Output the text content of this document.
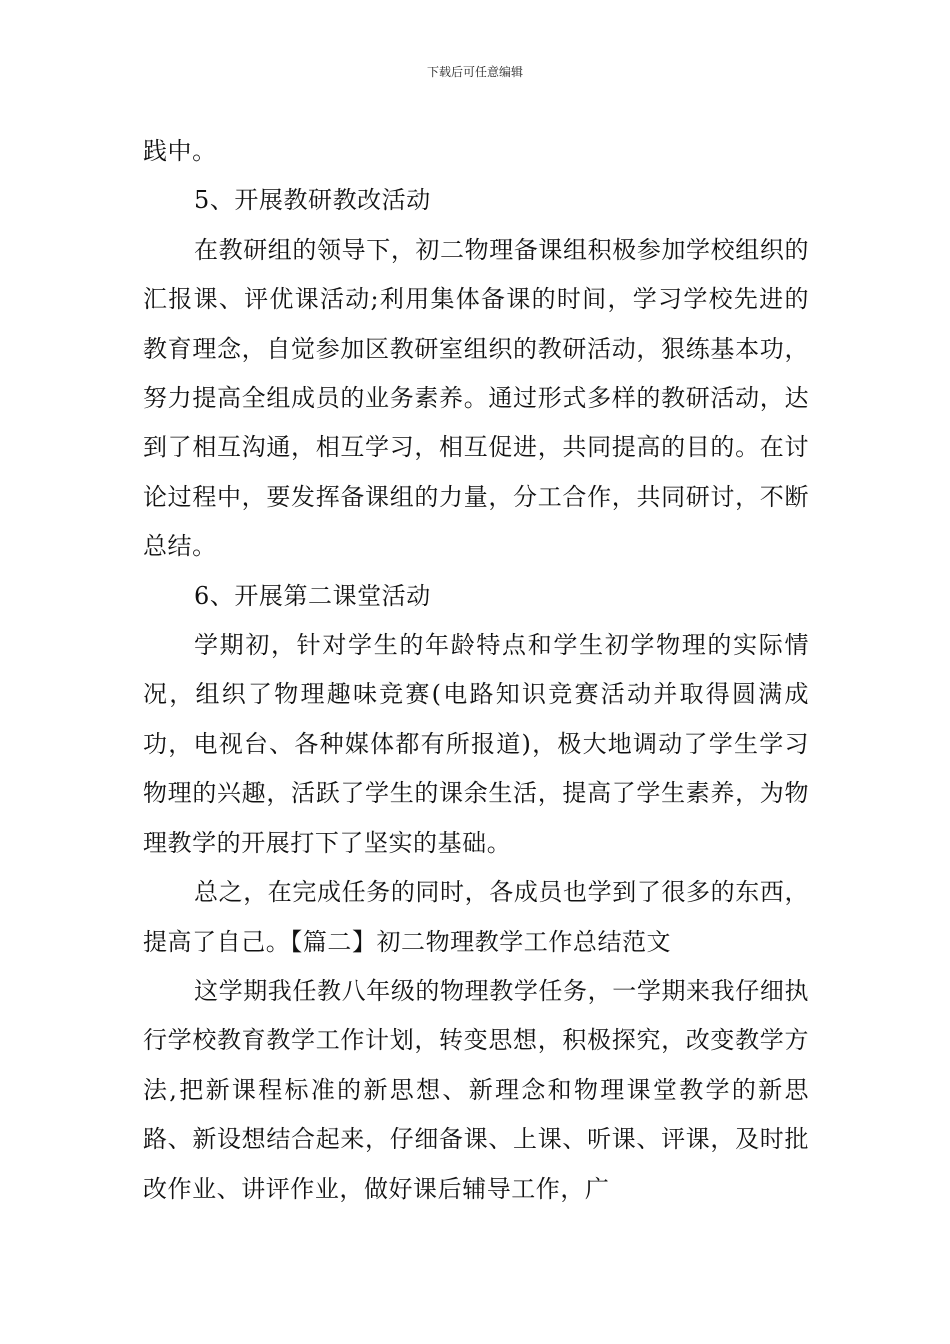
下载后可任意编辑

践中。

5、开展教研教改活动

在教研组的领导下，初二物理备课组积极参加学校组织的汇报课、评优课活动;利用集体备课的时间，学习学校先进的教育理念，自觉参加区教研室组织的教研活动，狠练基本功，努力提高全组成员的业务素养。通过形式多样的教研活动，达到了相互沟通，相互学习，相互促进，共同提高的目的。在讨论过程中，要发挥备课组的力量，分工合作，共同研讨，不断总结。

6、开展第二课堂活动

学期初，针对学生的年龄特点和学生初学物理的实际情况，组织了物理趣味竞赛(电路知识竞赛活动并取得圆满成功，电视台、各种媒体都有所报道)，极大地调动了学生学习物理的兴趣，活跃了学生的课余生活，提高了学生素养，为物理教学的开展打下了坚实的基础。

总之，在完成任务的同时，各成员也学到了很多的东西，提高了自己。【篇二】初二物理教学工作总结范文

这学期我任教八年级的物理教学任务，一学期来我仔细执行学校教育教学工作计划，转变思想，积极探究，改变教学方法,把新课程标准的新思想、新理念和物理课堂教学的新思路、新设想结合起来，仔细备课、上课、听课、评课，及时批改作业、讲评作业，做好课后辅导工作，广
